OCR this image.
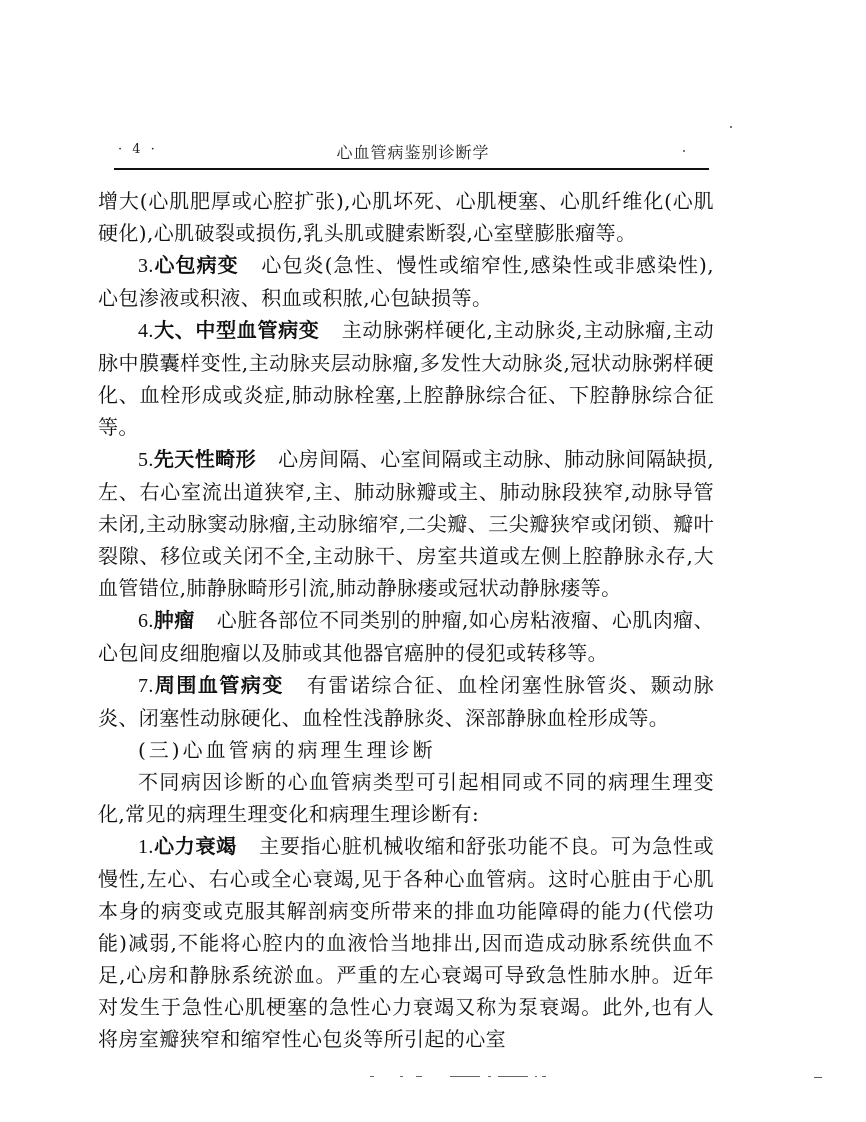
· 4 ·	心血管病鉴别诊断学

增大(心肌肥厚或心腔扩张),心肌坏死、心肌梗塞、心肌纤维化(心肌硬化),心肌破裂或损伤,乳头肌或腱索断裂,心室壁膨胀瘤等。

3.心包病变 心包炎(急性、慢性或缩窄性,感染性或非感染性),心包渗液或积液、积血或积脓,心包缺损等。

4.大、中型血管病变 主动脉粥样硬化,主动脉炎,主动脉瘤,主动脉中膜囊样变性,主动脉夹层动脉瘤,多发性大动脉炎,冠状动脉粥样硬化、血栓形成或炎症,肺动脉栓塞,上腔静脉综合征、下腔静脉综合征等。

5.先天性畸形 心房间隔、心室间隔或主动脉、肺动脉间隔缺损,左、右心室流出道狭窄,主、肺动脉瓣或主、肺动脉段狭窄,动脉导管未闭,主动脉窦动脉瘤,主动脉缩窄,二尖瓣、三尖瓣狭窄或闭锁、瓣叶裂隙、移位或关闭不全,主动脉干、房室共道或左侧上腔静脉永存,大血管错位,肺静脉畸形引流,肺动静脉瘘或冠状动静脉瘘等。

6.肿瘤 心脏各部位不同类别的肿瘤,如心房粘液瘤、心肌肉瘤、心包间皮细胞瘤以及肺或其他器官癌肿的侵犯或转移等。

7.周围血管病变 有雷诺综合征、血栓闭塞性脉管炎、颞动脉炎、闭塞性动脉硬化、血栓性浅静脉炎、深部静脉血栓形成等。

(三)心血管病的病理生理诊断

不同病因诊断的心血管病类型可引起相同或不同的病理生理变化,常见的病理生理变化和病理生理诊断有:

1.心力衰竭 主要指心脏机械收缩和舒张功能不良。可为急性或慢性,左心、右心或全心衰竭,见于各种心血管病。这时心脏由于心肌本身的病变或克服其解剖病变所带来的排血功能障碍的能力(代偿功能)减弱,不能将心腔内的血液恰当地排出,因而造成动脉系统供血不足,心房和静脉系统淤血。严重的左心衰竭可导致急性肺水肿。近年对发生于急性心肌梗塞的急性心力衰竭又称为泵衰竭。此外,也有人将房室瓣狭窄和缩窄性心包炎等所引起的心室
